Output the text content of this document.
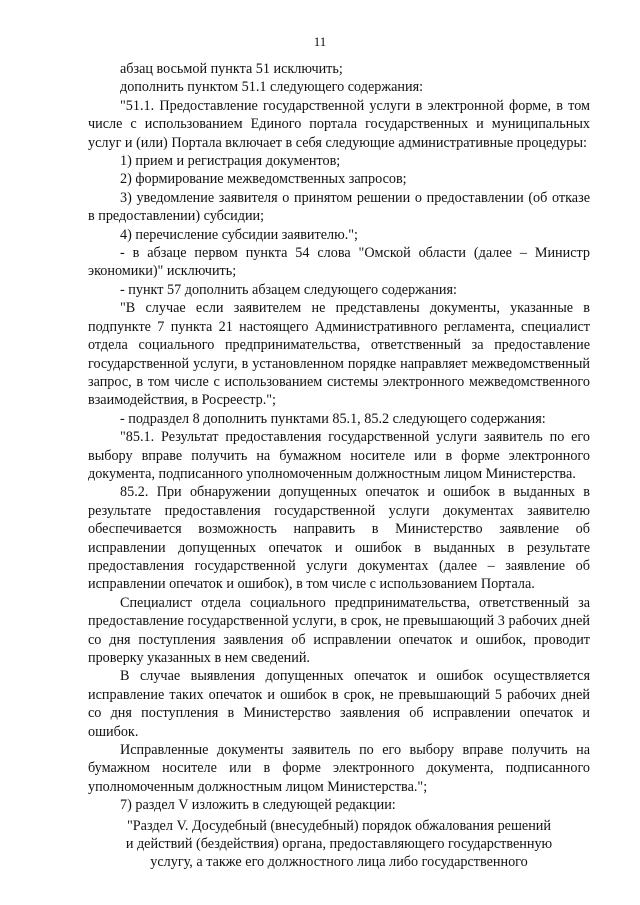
11

абзац восьмой пункта 51 исключить;

дополнить пунктом 51.1 следующего содержания:

"51.1. Предоставление государственной услуги в электронной форме, в том числе с использованием Единого портала государственных и муниципальных услуг и (или) Портала включает в себя следующие административные процедуры:

1) прием и регистрация документов;

2) формирование межведомственных запросов;

3) уведомление заявителя о принятом решении о предоставлении (об отказе в предоставлении) субсидии;

4) перечисление субсидии заявителю.";

- в абзаце первом пункта 54 слова "Омской области (далее – Министр экономики)" исключить;

- пункт 57 дополнить абзацем следующего содержания:

"В случае если заявителем не представлены документы, указанные в подпункте 7 пункта 21 настоящего Административного регламента, специалист отдела социального предпринимательства, ответственный за предоставление государственной услуги, в установленном порядке направляет межведомственный запрос, в том числе с использованием системы электронного межведомственного взаимодействия, в Росреестр.";

- подраздел 8 дополнить пунктами 85.1, 85.2 следующего содержания:

"85.1. Результат предоставления государственной услуги заявитель по его выбору вправе получить на бумажном носителе или в форме электронного документа, подписанного уполномоченным должностным лицом Министерства.

85.2. При обнаружении допущенных опечаток и ошибок в выданных в результате предоставления государственной услуги документах заявителю обеспечивается возможность направить в Министерство заявление об исправлении допущенных опечаток и ошибок в выданных в результате предоставления государственной услуги документах (далее – заявление об исправлении опечаток и ошибок), в том числе с использованием Портала.

Специалист отдела социального предпринимательства, ответственный за предоставление государственной услуги, в срок, не превышающий 3 рабочих дней со дня поступления заявления об исправлении опечаток и ошибок, проводит проверку указанных в нем сведений.

В случае выявления допущенных опечаток и ошибок осуществляется исправление таких опечаток и ошибок в срок, не превышающий 5 рабочих дней со дня поступления в Министерство заявления об исправлении опечаток и ошибок.

Исправленные документы заявитель по его выбору вправе получить на бумажном носителе или в форме электронного документа, подписанного уполномоченным должностным лицом Министерства.";

7) раздел V изложить в следующей редакции:

"Раздел V. Досудебный (внесудебный) порядок обжалования решений
и действий (бездействия) органа, предоставляющего государственную
услугу, а также его должностного лица либо государственного
